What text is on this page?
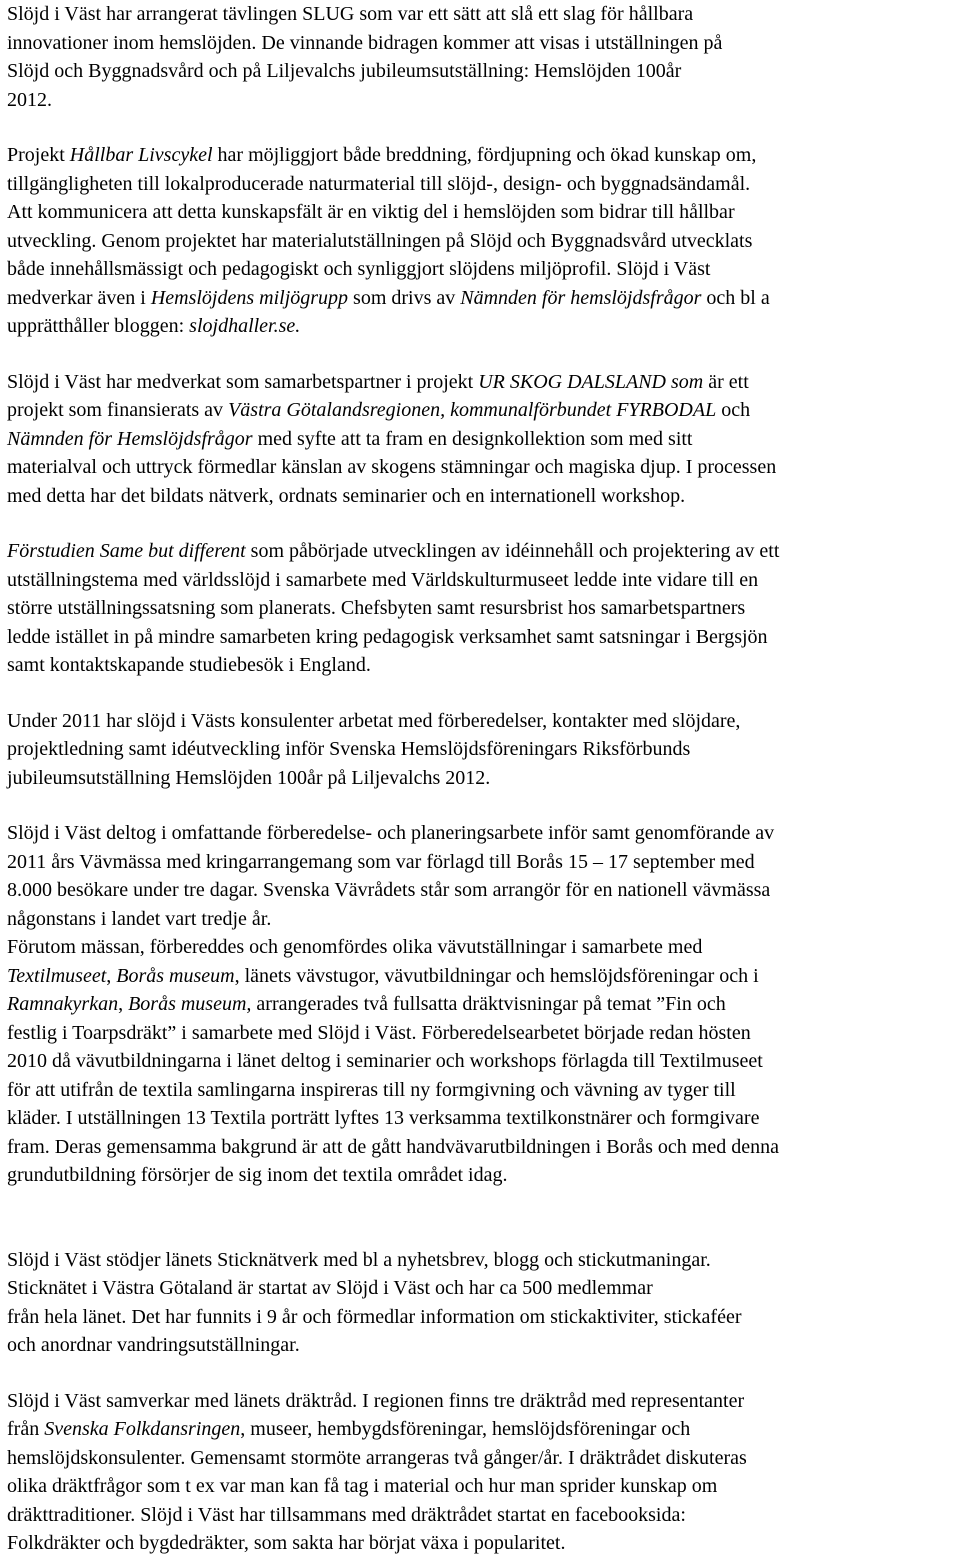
Slöjd i Väst har arrangerat tävlingen SLUG som var ett sätt att slå ett slag för hållbara
innovationer inom hemslöjden. De vinnande bidragen kommer att visas i utställningen på
Slöjd och Byggnadsvård och på Liljevalchs jubileumsutställning: Hemslöjden 100år
2012.
Projekt Hållbar Livscykel har möjliggjort både breddning, fördjupning och ökad kunskap om,
tillgängligheten till lokalproducerade naturmaterial till slöjd-, design- och byggnadsändamål.
Att kommunicera att detta kunskapsfält är en viktig del i hemslöjden som bidrar till hållbar
utveckling. Genom projektet har materialutställningen på Slöjd och Byggnadsvård utvecklats
både innehållsmässigt och pedagogiskt och synliggjort slöjdens miljöprofil. Slöjd i Väst
medverkar även i Hemslöjdens miljögrupp som drivs av Nämnden för hemslöjdsfrågor och bl a
upprätthåller bloggen: slojdhaller.se.
Slöjd i Väst har medverkat som samarbetspartner i projekt UR SKOG DALSLAND som är ett
projekt som finansierats av Västra Götalandsregionen, kommunalförbundet FYRBODAL och
Nämnden för Hemslöjdsfrågor med syfte att ta fram en designkollektion som med sitt
materialval och uttryck förmedlar känslan av skogens stämningar och magiska djup. I processen
med detta har det bildats nätverk, ordnats seminarier och en internationell workshop.
Förstudien Same but different som påbörjade utvecklingen av idéinnehåll och projektering av ett
utställningstema med världsslöjd i samarbete med Världskulturmuseet ledde inte vidare till en
större utställningssatsning som planerats. Chefsbyten samt resursbrist hos samarbetspartners
ledde istället in på mindre samarbeten kring pedagogisk verksamhet samt satsningar i Bergsjön
samt kontaktskapande studiebesök i England.
Under 2011 har slöjd i Västs konsulenter arbetat med förberedelser, kontakter med slöjdare,
projektledning samt idéutveckling inför Svenska Hemslöjdsföreningars Riksförbunds
jubileumsutställning Hemslöjden 100år på Liljevalchs 2012.
Slöjd i Väst deltog i omfattande förberedelse- och planeringsarbete inför samt genomförande av
2011 års Vävmässa med kringarrangemang som var förlagd till Borås 15 – 17 september med
8.000 besökare under tre dagar. Svenska Vävrådets står som arrangör för en nationell vävmässa
någonstans i landet vart tredje år.
Förutom mässan, förbereddes och genomfördes olika vävutställningar i samarbete med
Textilmuseet, Borås museum, länets vävstugor, vävutbildningar och hemslöjdsföreningar och i
Ramnakyrkan, Borås museum, arrangerades två fullsatta dräktvisningar på temat ”Fin och
festlig i Toarpsdräkt” i samarbete med Slöjd i Väst. Förberedelsearbetet började redan hösten
2010 då vävutbildningarna i länet deltog i seminarier och workshops förlagda till Textilmuseet
för att utifrån de textila samlingarna inspireras till ny formgivning och vävning av tyger till
kläder. I utställningen 13 Textila porträtt lyftes 13 verksamma textilkonstnärer och formgivare
fram. Deras gemensamma bakgrund är att de gått handvävarutbildningen i Borås och med denna
grundutbildning försörjer de sig inom det textila området idag.
Slöjd i Väst stödjer länets Sticknätverk med bl a nyhetsbrev, blogg och stickutmaningar.
Sticknätet i Västra Götaland är startat av Slöjd i Väst och har ca 500 medlemmar
från hela länet. Det har funnits i 9 år och förmedlar information om stickaktiviter, stickaféer
och anordnar vandringsutställningar.
Slöjd i Väst samverkar med länets dräktråd. I regionen finns tre dräktråd med representanter
från Svenska Folkdansringen, museer, hembygdsföreningar, hemslöjdsföreningar och
hemslöjdskonsulenter. Gemensamt stormöte arrangeras två gånger/år. I dräktrådet diskuteras
olika dräktfrågor som t ex var man kan få tag i material och hur man sprider kunskap om
dräkttraditioner. Slöjd i Väst har tillsammans med dräktrådet startat en facebooksida:
Folkdräkter och bygdedräkter, som sakta har börjat växa i popularitet.
